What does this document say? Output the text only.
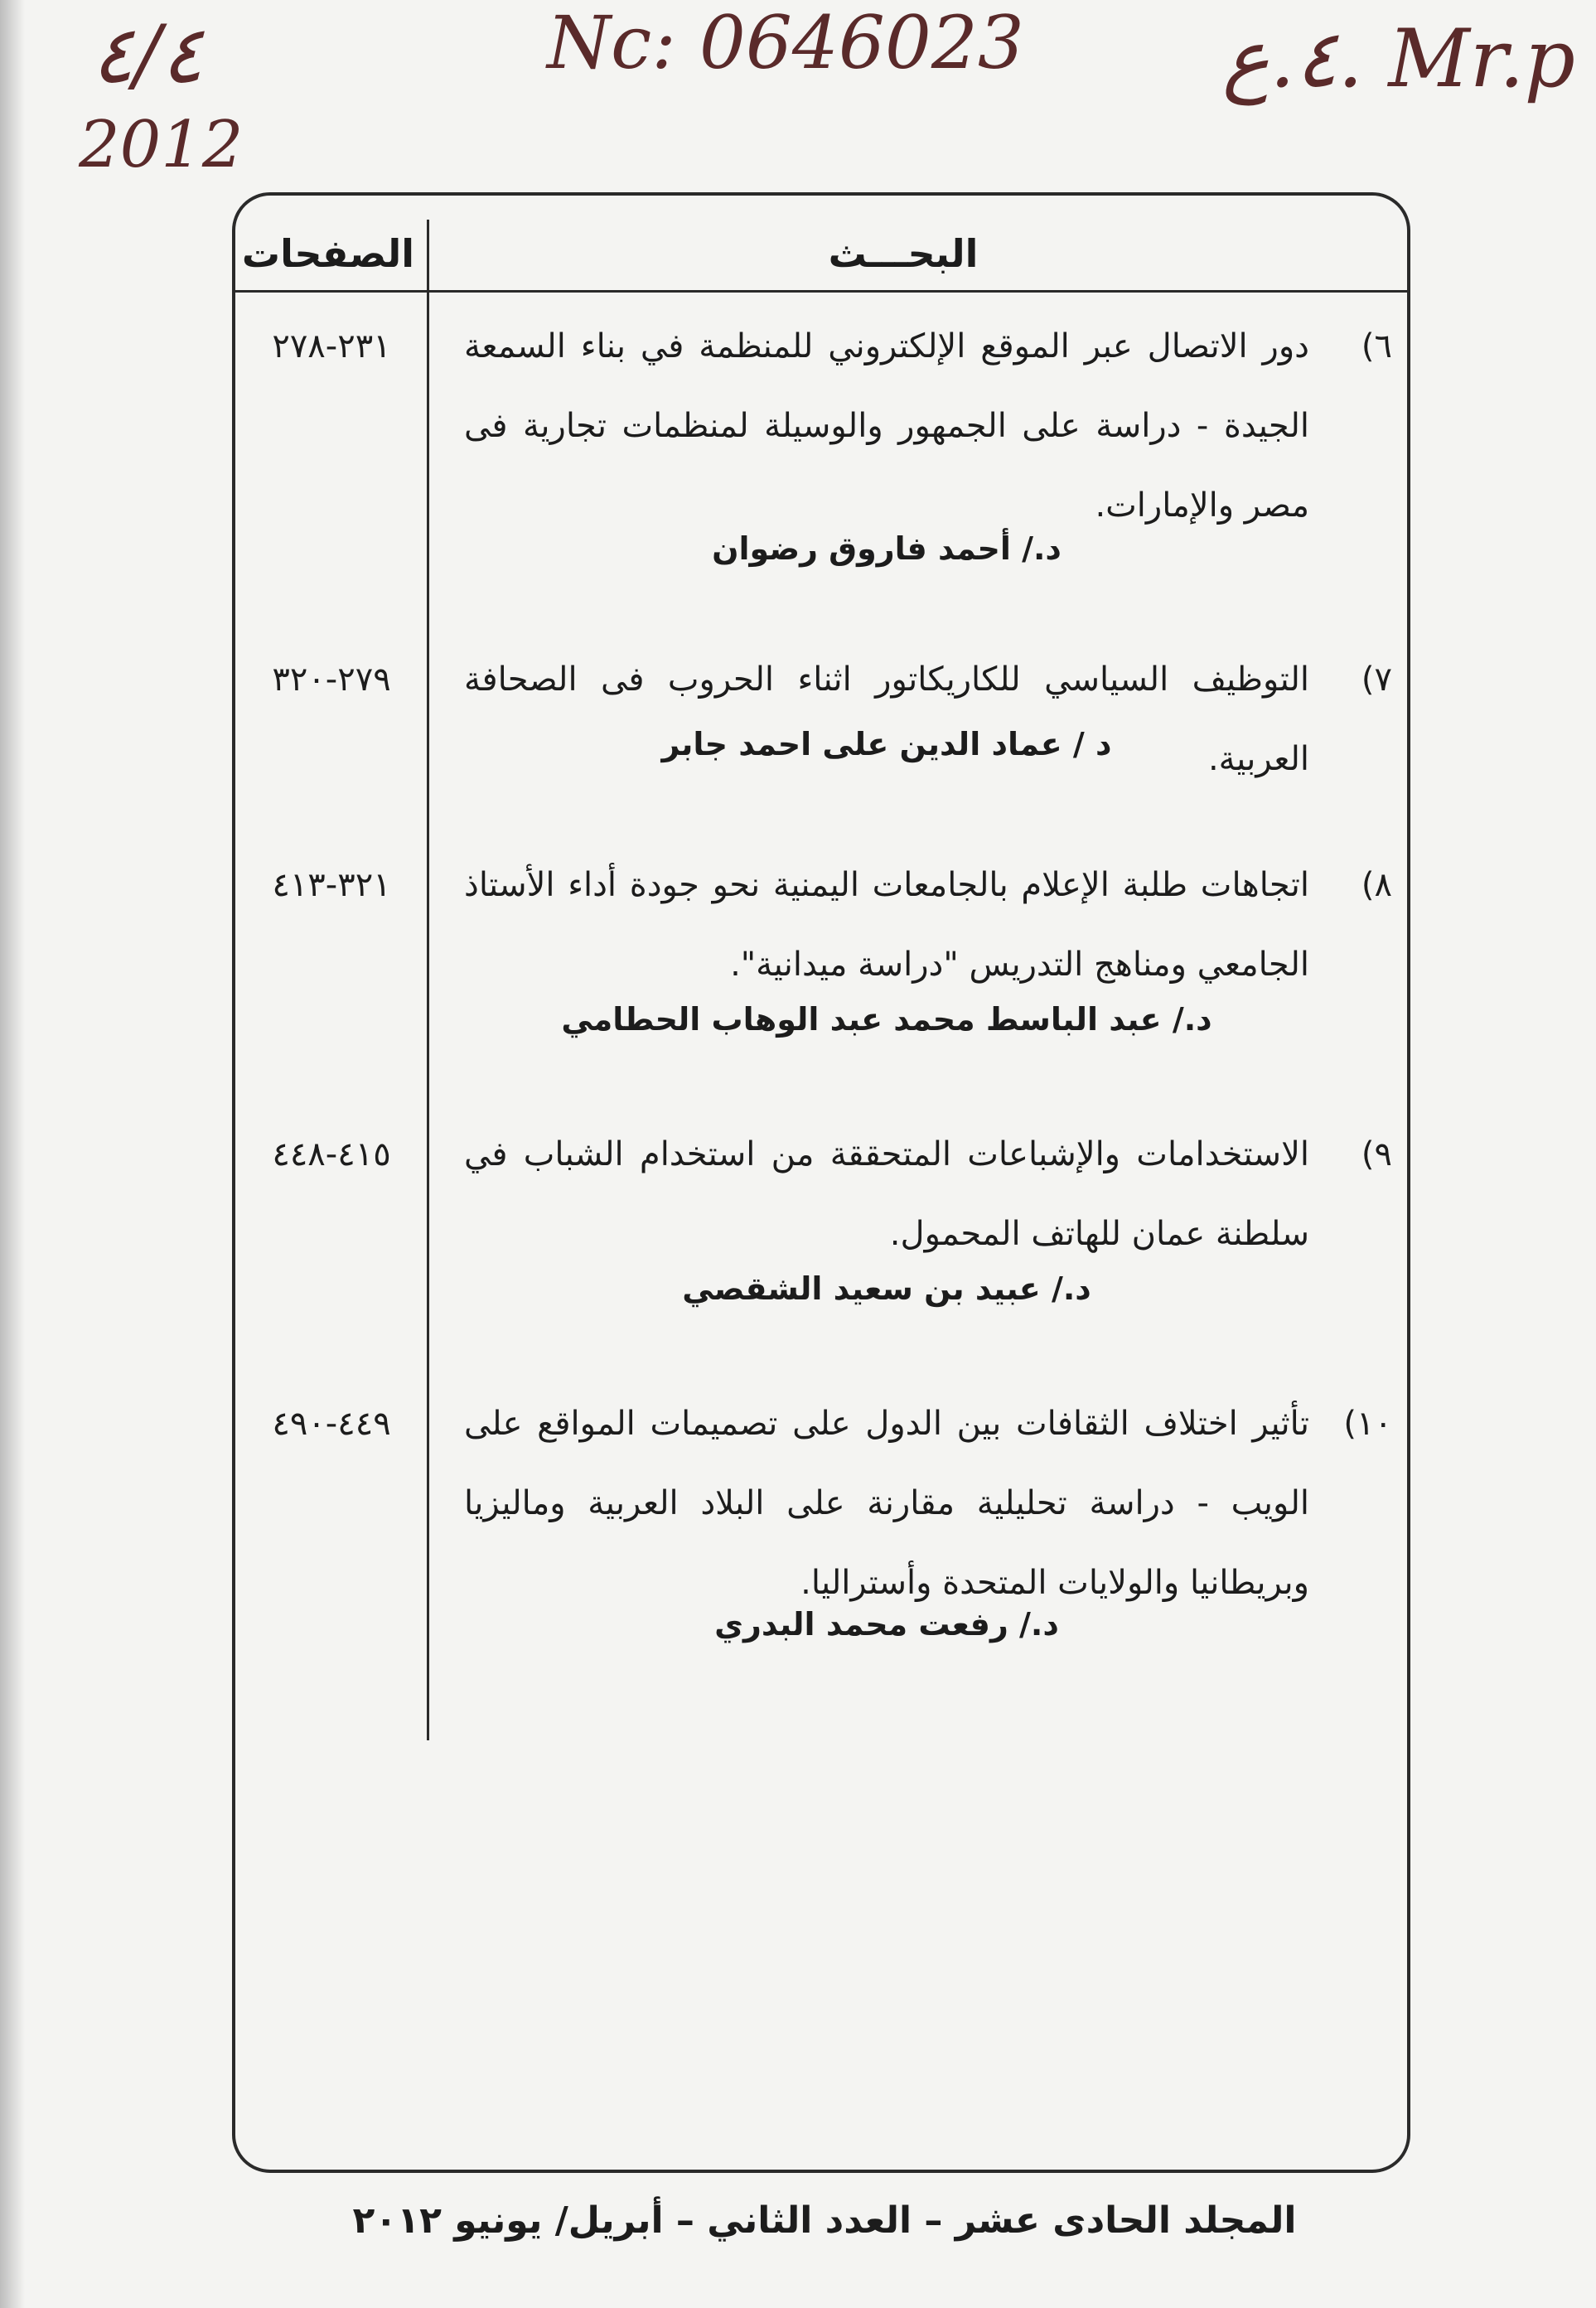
٤/٤
2012
Nc: 0646023 ٤.ع. Mr.p
البحـــث
الصفحات
٦)
دور الاتصال عبر الموقع الإلكتروني للمنظمة في بناء السمعة الجيدة - دراسة على الجمهور والوسيلة لمنظمات تجارية فى مصر والإمارات.
د./ أحمد فاروق رضوان
٢٣١-٢٧٨
٧)
التوظيف السياسي للكاريكاتور اثناء الحروب فى الصحافة العربية.
د / عماد الدين على احمد جابر
٢٧٩-٣٢٠
٨)
اتجاهات طلبة الإعلام بالجامعات اليمنية نحو جودة أداء الأستاذ الجامعي ومناهج التدريس "دراسة ميدانية".
د./ عبد الباسط محمد عبد الوهاب الحطامي
٣٢١-٤١٣
٩)
الاستخدامات والإشباعات المتحققة من استخدام الشباب في سلطنة عمان للهاتف المحمول.
د./ عبيد بن سعيد الشقصي
٤١٥-٤٤٨
١٠)
تأثير اختلاف الثقافات بين الدول على تصميمات المواقع على الويب - دراسة تحليلية مقارنة على البلاد العربية وماليزيا وبريطانيا والولايات المتحدة وأستراليا.
د./ رفعت محمد البدري
٤٤٩-٤٩٠
المجلد الحادى عشر – العدد الثاني – أبريل/ يونيو ٢٠١٢
